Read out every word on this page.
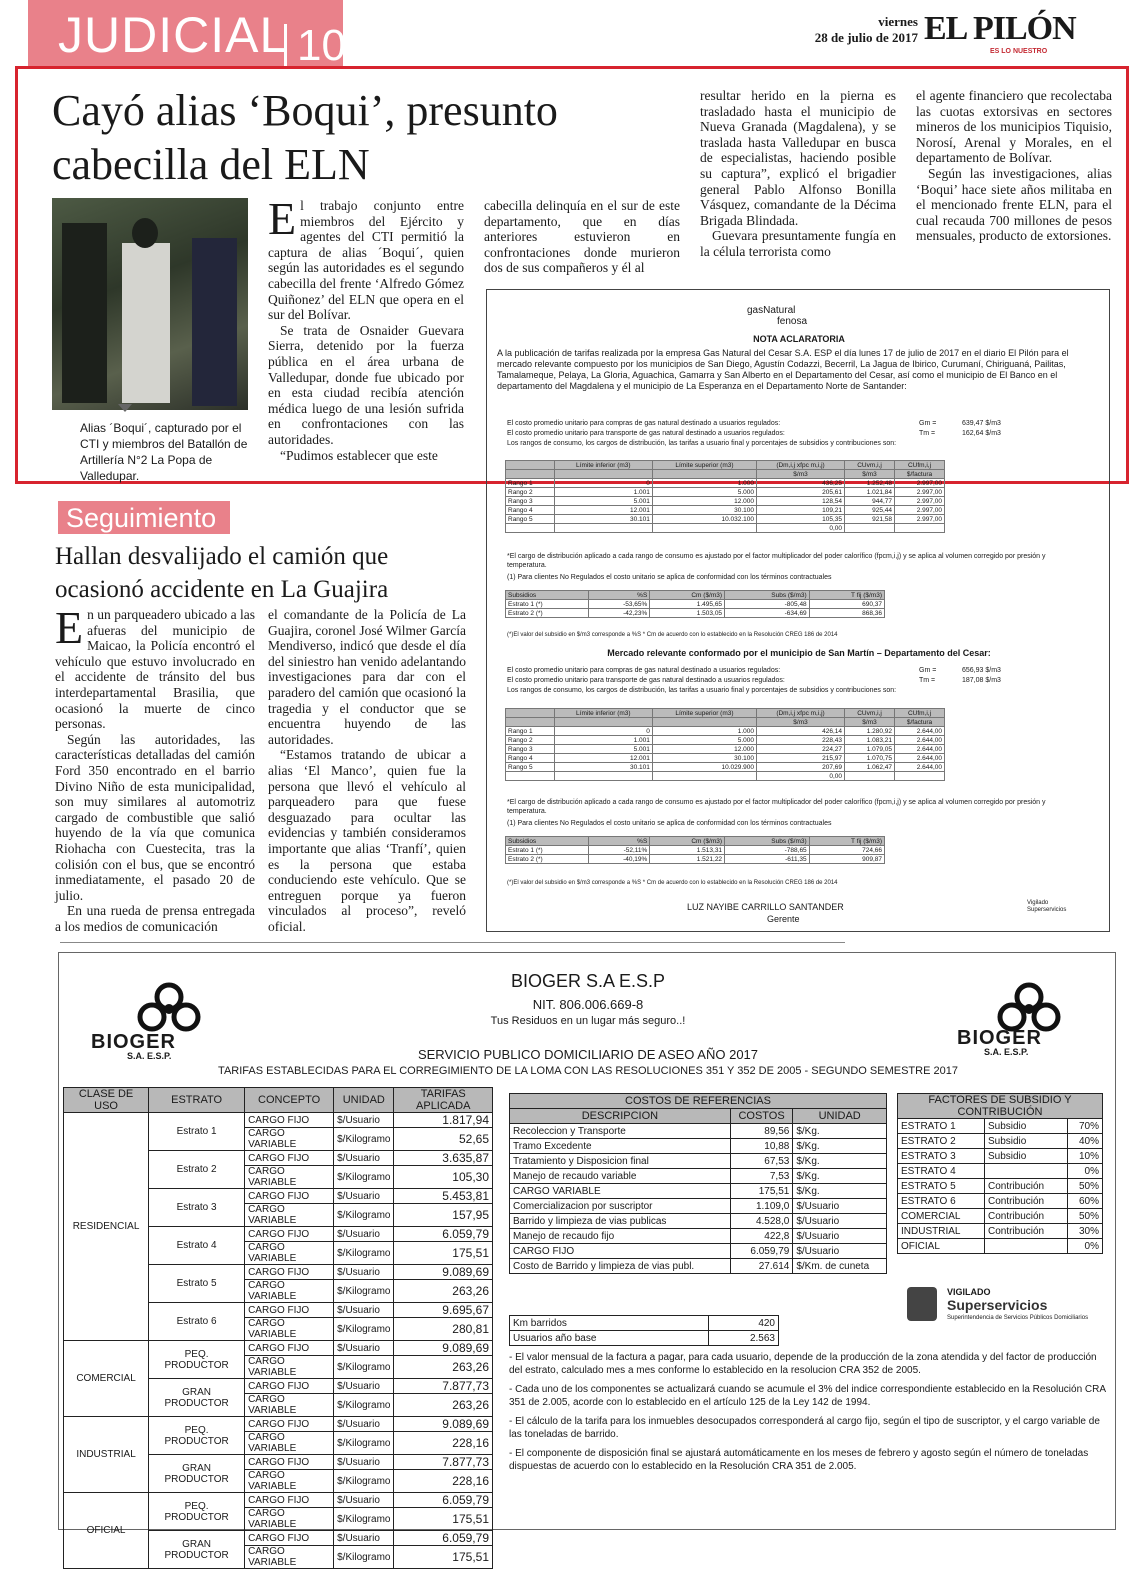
JUDICIAL 10	viernes
28 de julio de 2017 EL PILÓN
ES LO NUESTRO
Cayó alias ‘Boqui’, presunto cabecilla del ELN
Alias ´Boqui´, capturado por el CTI y miembros del Batallón de Artillería N°2 La Popa de Valledupar.
E l trabajo conjunto entre miembros del Ejército y agentes del CTI permitió la captura de alias ´Boqui´, quien según las autoridades es el segundo cabecilla del frente ‘Alfredo Gómez Quiñonez’ del ELN que opera en el sur del Bolívar.

Se trata de Osnaider Guevara Sierra, detenido por la fuerza pública en el área urbana de Valledupar, donde fue ubicado por en esta ciudad recibía atención médica luego de una lesión sufrida en confrontaciones con las autoridades.

“Pudimos establecer que este

cabecilla delinquía en el sur de este departamento, que en días anteriores estuvieron en confrontaciones donde murieron dos de sus compañeros y él al

resultar herido en la pierna es trasladado hasta el municipio de Nueva Granada (Magdalena), y se traslada hasta Valledupar en busca de especialistas, haciendo posible su captura”, explicó el brigadier general Pablo Alfonso Bonilla Vásquez, comandante de la Décima Brigada Blindada.

Guevara presuntamente fungía en la célula terrorista como

el agente financiero que recolectaba las cuotas extorsivas en sectores mineros de los municipios Tiquisio, Norosí, Arenal y Morales, en el departamento de Bolívar.

Según las investigaciones, alias ‘Boqui’ hace siete años militaba en el mencionado frente ELN, para el cual recauda 700 millones de pesos mensuales, producto de extorsiones.

Seguimiento
Hallan desvalijado el camión que ocasionó accidente en La Guajira
E n un parqueadero ubicado a las afueras del municipio de Maicao, la Policía encontró el vehículo que estuvo involucrado en el accidente de tránsito del bus interdepartamental Brasilia, que ocasionó la muerte de cinco personas.

Según las autoridades, las características detalladas del camión Ford 350 encontrado en el barrio Divino Niño de esta municipalidad, son muy similares al automotriz cargado de combustible que salió huyendo de la vía que comunica Riohacha con Cuestecita, tras la colisión con el bus, que se encontró inmediatamente, el pasado 20 de julio.

En una rueda de prensa entregada a los medios de comunicación

el comandante de la Policía de La Guajira, coronel José Wilmer García Mendiverso, indicó que desde el día del siniestro han venido adelantando investigaciones para dar con el paradero del camión que ocasionó la tragedia y el conductor que se encuentra huyendo de las autoridades.

“Estamos tratando de ubicar a alias ‘El Manco’, quien fue la persona que llevó el vehículo al parqueadero para que fuese desguazado para ocultar las evidencias y también consideramos importante que alias ‘Tranfí’, quien es la persona que estaba conduciendo este vehículo. Que se entreguen porque ya fueron vinculados al proceso”, reveló oficial.

gasNatural
fenosa
NOTA ACLARATORIA
A la publicación de tarifas realizada por la empresa Gas Natural del Cesar S.A. ESP el día lunes 17 de julio de 2017 en el diario El Pilón para el mercado relevante compuesto por los municipios de San Diego, Agustín Codazzi, Becerril, La Jagua de Ibirico, Curumaní, Chiriguaná, Pailitas, Tamalameque, Pelaya, La Gloria, Aguachica, Gamarra y San Alberto en el Departamento del Cesar, así como el municipio de El Banco en el departamento del Magdalena y el municipio de La Esperanza en el Departamento Norte de Santander:
El costo promedio unitario para compras de gas natural destinado a usuarios regulados:	Gm =	639,47 $/m3
El costo promedio unitario para transporte de gas natural destinado a usuarios regulados:	Tm =	162,64 $/m3
Los rangos de consumo, los cargos de distribución, las tarifas a usuario final y porcentajes de subsidios y contribuciones son:
	Límite inferior (m3)	Límite superior (m3)	(Dm,i,j xfpc m,i,j)	CUvm,i,j	CUfm,i,j
			$/m3	$/m3	$/factura
Rango 1	0	1.000	436,25	1.252,48	2.997,00
Rango 2	1.001	5.000	205,61	1.021,84	2.997,00
Rango 3	5.001	12.000	128,54	944,77	2.997,00
Rango 4	12.001	30.100	109,21	925,44	2.997,00
Rango 5	30.101	10.032.100	105,35	921,58	2.997,00
			0,00		
*El cargo de distribución aplicado a cada rango de consumo es ajustado por el factor multiplicador del poder calorífico (fpcm,i,j) y se aplica al volumen corregido por presión y temperatura.
(1) Para clientes No Regulados el costo unitario se aplica de conformidad con los términos contractuales
Subsidios	%S	Cm ($/m3)	Subs ($/m3)	T fij ($/m3)
Estrato 1 (*)	-53,65%	1.495,65	-805,48	690,37
Estrato 2 (*)	-42,23%	1.503,05	-634,69	868,36
(*)El valor del subsidio en $/m3 corresponde a %S * Cm de acuerdo con lo establecido en la Resolución CREG 186 de 2014
Mercado relevante conformado por el municipio de San Martín – Departamento del Cesar:
El costo promedio unitario para compras de gas natural destinado a usuarios regulados:	Gm =	656,93 $/m3
El costo promedio unitario para transporte de gas natural destinado a usuarios regulados:	Tm =	187,08 $/m3
Los rangos de consumo, los cargos de distribución, las tarifas a usuario final y porcentajes de subsidios y contribuciones son:
	Límite inferior (m3)	Límite superior (m3)	(Dm,i,j xfpc m,i,j)	CUvm,i,j	CUfm,i,j
			$/m3	$/m3	$/factura
Rango 1	0	1.000	426,14	1.280,92	2.644,00
Rango 2	1.001	5.000	228,43	1.083,21	2.644,00
Rango 3	5.001	12.000	224,27	1.079,05	2.644,00
Rango 4	12.001	30.100	215,97	1.070,75	2.644,00
Rango 5	30.101	10.029.900	207,69	1.062,47	2.644,00
			0,00		
*El cargo de distribución aplicado a cada rango de consumo es ajustado por el factor multiplicador del poder calorífico (fpcm,i,j) y se aplica al volumen corregido por presión y temperatura.
(1) Para clientes No Regulados el costo unitario se aplica de conformidad con los términos contractuales
Subsidios	%S	Cm ($/m3)	Subs ($/m3)	T fij ($/m3)
Estrato 1 (*)	-52,11%	1.513,31	-788,65	724,66
Estrato 2 (*)	-40,19%	1.521,22	-611,35	909,87
(*)El valor del subsidio en $/m3 corresponde a %S * Cm de acuerdo con lo establecido en la Resolución CREG 186 de 2014
LUZ NAYIBE CARRILLO SANTANDER
Gerente
Vigilado
Superservicios
BIOGER
S.A. E.S.P.
BIOGER
S.A. E.S.P.
BIOGER S.A E.S.P
NIT. 806.006.669-8
Tus Residuos en un lugar más seguro..!
SERVICIO PUBLICO DOMICILIARIO DE ASEO AÑO 2017
TARIFAS ESTABLECIDAS PARA EL CORREGIMIENTO DE LA LOMA CON LAS RESOLUCIONES 351 Y 352 DE 2005 - SEGUNDO SEMESTRE 2017
CLASE DE USO	ESTRATO	CONCEPTO	UNIDAD	TARIFAS APLICADA
RESIDENCIAL	Estrato 1	CARGO FIJO	$/Usuario	1.817,94
		CARGO VARIABLE	$/Kilogramo	52,65
	Estrato 2	CARGO FIJO	$/Usuario	3.635,87
		CARGO VARIABLE	$/Kilogramo	105,30
	Estrato 3	CARGO FIJO	$/Usuario	5.453,81
		CARGO VARIABLE	$/Kilogramo	157,95
	Estrato 4	CARGO FIJO	$/Usuario	6.059,79
		CARGO VARIABLE	$/Kilogramo	175,51
	Estrato 5	CARGO FIJO	$/Usuario	9.089,69
		CARGO VARIABLE	$/Kilogramo	263,26
	Estrato 6	CARGO FIJO	$/Usuario	9.695,67
		CARGO VARIABLE	$/Kilogramo	280,81
COMERCIAL	PEQ. PRODUCTOR	CARGO FIJO	$/Usuario	9.089,69
		CARGO VARIABLE	$/Kilogramo	263,26
	GRAN PRODUCTOR	CARGO FIJO	$/Usuario	7.877,73
		CARGO VARIABLE	$/Kilogramo	263,26
INDUSTRIAL	PEQ. PRODUCTOR	CARGO FIJO	$/Usuario	9.089,69
		CARGO VARIABLE	$/Kilogramo	228,16
	GRAN PRODUCTOR	CARGO FIJO	$/Usuario	7.877,73
		CARGO VARIABLE	$/Kilogramo	228,16
OFICIAL	PEQ. PRODUCTOR	CARGO FIJO	$/Usuario	6.059,79
		CARGO VARIABLE	$/Kilogramo	175,51
	GRAN PRODUCTOR	CARGO FIJO	$/Usuario	6.059,79
		CARGO VARIABLE	$/Kilogramo	175,51
COSTOS DE REFERENCIAS		
DESCRIPCION	COSTOS	UNIDAD
Recoleccion y Transporte	89,56	$/Kg.
Tramo Excedente	10,88	$/Kg.
Tratamiento y Disposicion final	67,53	$/Kg.
Manejo de recaudo variable	7,53	$/Kg.
CARGO VARIABLE	175,51	$/Kg.
Comercializacion por suscriptor	1.109,0	$/Usuario
Barrido y limpieza de vias publicas	4.528,0	$/Usuario
Manejo de recaudo fijo	422,8	$/Usuario
CARGO FIJO	6.059,79	$/Usuario
Costo de Barrido y limpieza de vias publ.	27.614	$/Km. de cuneta
Km barridos	420
Usuarios año base	2.563
FACTORES DE SUBSIDIO Y CONTRIBUCIÓN		
ESTRATO 1	Subsidio	70%
ESTRATO 2	Subsidio	40%
ESTRATO 3	Subsidio	10%
ESTRATO 4		0%
ESTRATO 5	Contribución	50%
ESTRATO 6	Contribución	60%
COMERCIAL	Contribución	50%
INDUSTRIAL	Contribución	30%
OFICIAL		0%
VIGILADO
Superservicios
Superintendencia de Servicios Públicos Domiciliarios

- El valor mensual de la factura a pagar, para cada usuario, depende de la producción de la zona atendida y del factor de producción del estrato, calculado mes a mes conforme lo establecido en la resolucion CRA 352 de 2005.

- Cada uno de los componentes se actualizará cuando se acumule el 3% del indice correspondiente establecido en la Resolución CRA 351 de 2.005, acorde con lo establecido en el artículo 125 de la Ley 142 de 1994.

- El cálculo de la tarifa para los inmuebles desocupados corresponderá al cargo fijo, según el tipo de suscriptor, y el cargo variable de las toneladas de barrido.

- El componente de disposición final se ajustará automáticamente en los meses de febrero y agosto según el número de toneladas dispuestas de acuerdo con lo establecido en la Resolución CRA 351 de 2.005.
